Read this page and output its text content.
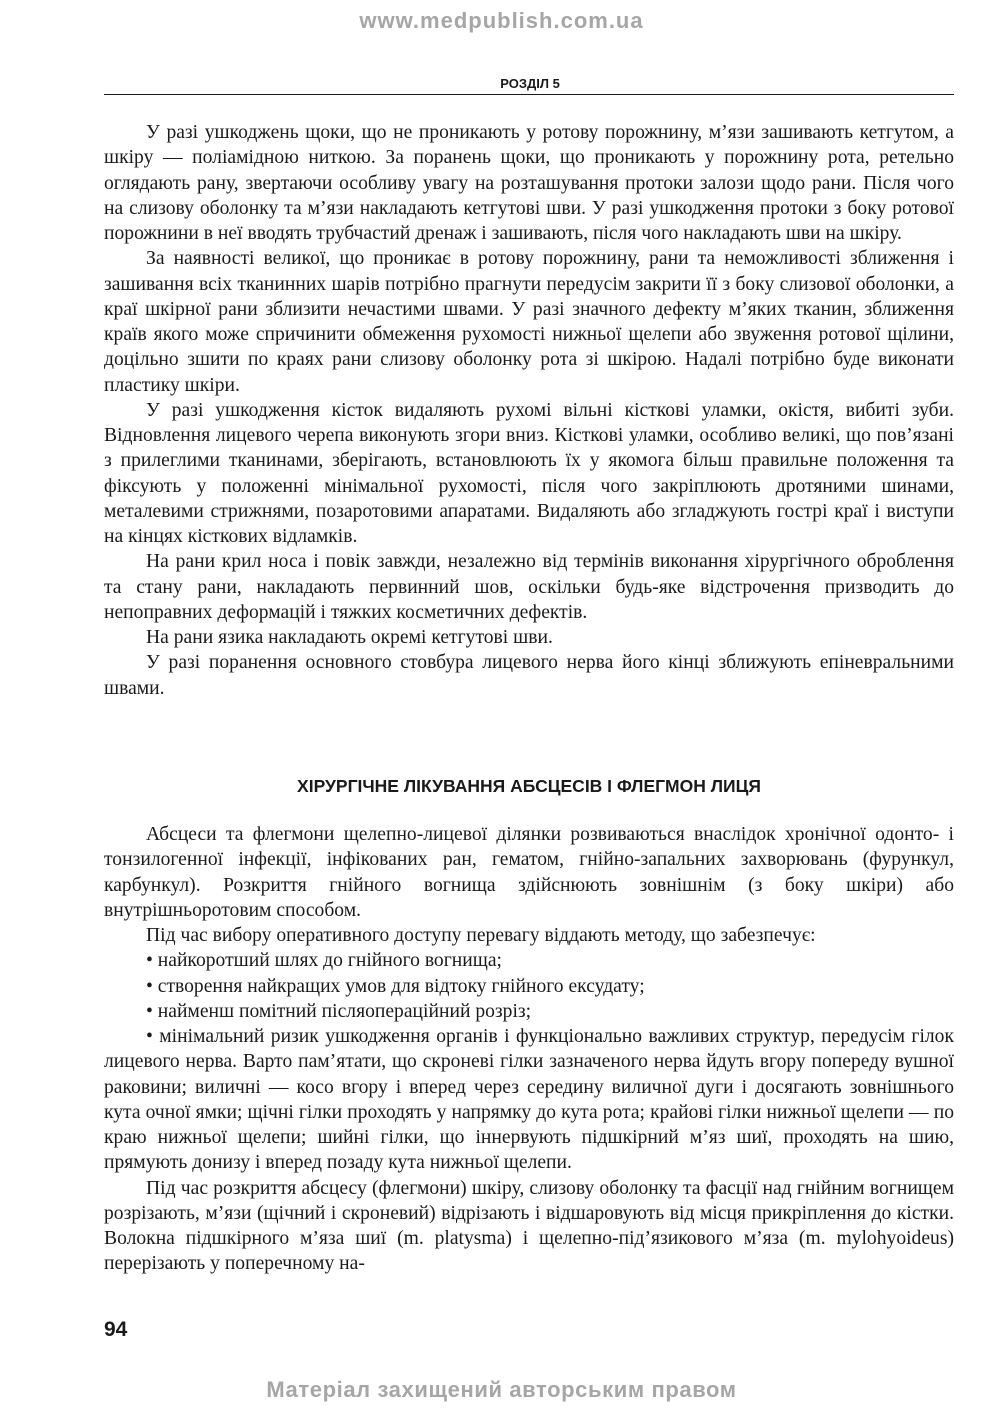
www.medpublish.com.ua
РОЗДІЛ 5

У разі ушкоджень щоки, що не проникають у ротову порожнину, м’язи зашивають кетгутом, а шкіру — поліамідною ниткою. За поранень щоки, що проникають у порожнину рота, ретельно оглядають рану, звертаючи особливу увагу на розташування протоки залози щодо рани. Після чого на слизову оболонку та м’язи накладають кетгутові шви. У разі ушкодження протоки з боку ротової порожнини в неї вводять трубчастий дренаж і зашивають, після чого накладають шви на шкіру.

За наявності великої, що проникає в ротову порожнину, рани та неможливості зближення і зашивання всіх тканинних шарів потрібно прагнути передусім закрити її з боку слизової оболонки, а краї шкірної рани зблизити нечастими швами. У разі значного дефекту м’яких тканин, зближення країв якого може спричинити обмеження рухомості нижньої щелепи або звуження ротової щілини, доцільно зшити по краях рани слизову оболонку рота зі шкірою. Надалі потрібно буде виконати пластику шкіри.

У разі ушкодження кісток видаляють рухомі вільні кісткові уламки, окістя, вибиті зуби. Відновлення лицевого черепа виконують згори вниз. Кісткові уламки, особливо великі, що пов’язані з прилеглими тканинами, зберігають, встановлюють їх у якомога більш правильне положення та фіксують у положенні мінімальної рухомості, після чого закріплюють дротяними шинами, металевими стрижнями, позаротовими апаратами. Видаляють або згладжують гострі краї і виступи на кінцях кісткових відламків.

На рани крил носа і повік завжди, незалежно від термінів виконання хірургічного оброблення та стану рани, накладають первинний шов, оскільки будь-яке відстрочення призводить до непоправних деформацій і тяжких косметичних дефектів.

На рани язика накладають окремі кетгутові шви.

У разі поранення основного стовбура лицевого нерва його кінці зближують епіневральними швами.

ХІРУРГІЧНЕ ЛІКУВАННЯ АБСЦЕСІВ І ФЛЕГМОН ЛИЦЯ

Абсцеси та флегмони щелепно-лицевої ділянки розвиваються внаслідок хронічної одонто- і тонзилогенної інфекції, інфікованих ран, гематом, гнійно-запальних захворювань (фурункул, карбункул). Розкриття гнійного вогнища здійснюють зовнішнім (з боку шкіри) або внутрішньоротовим способом.

Під час вибору оперативного доступу перевагу віддають методу, що забезпечує:

• найкоротший шлях до гнійного вогнища;

• створення найкращих умов для відтоку гнійного ексудату;

• найменш помітний післяопераційний розріз;

• мінімальний ризик ушкодження органів і функціонально важливих структур, передусім гілок лицевого нерва. Варто пам’ятати, що скроневі гілки зазначеного нерва йдуть вгору попереду вушної раковини; виличні — косо вгору і вперед через середину виличної дуги і досягають зовнішнього кута очної ямки; щічні гілки проходять у напрямку до кута рота; крайові гілки нижньої щелепи — по краю нижньої щелепи; шийні гілки, що іннервують підшкірний м’яз шиї, проходять на шию, прямують донизу і вперед позаду кута нижньої щелепи.

Під час розкриття абсцесу (флегмони) шкіру, слизову оболонку та фасції над гнійним вогнищем розрізають, м’язи (щічний і скроневий) відрізають і відшаровують від місця прикріплення до кістки. Волокна підшкірного м’яза шиї (m. platysma) і щелепно-під’язикового м’яза (m. mylohyoideus) перерізають у поперечному на-

94
Матеріал захищений авторським правом
